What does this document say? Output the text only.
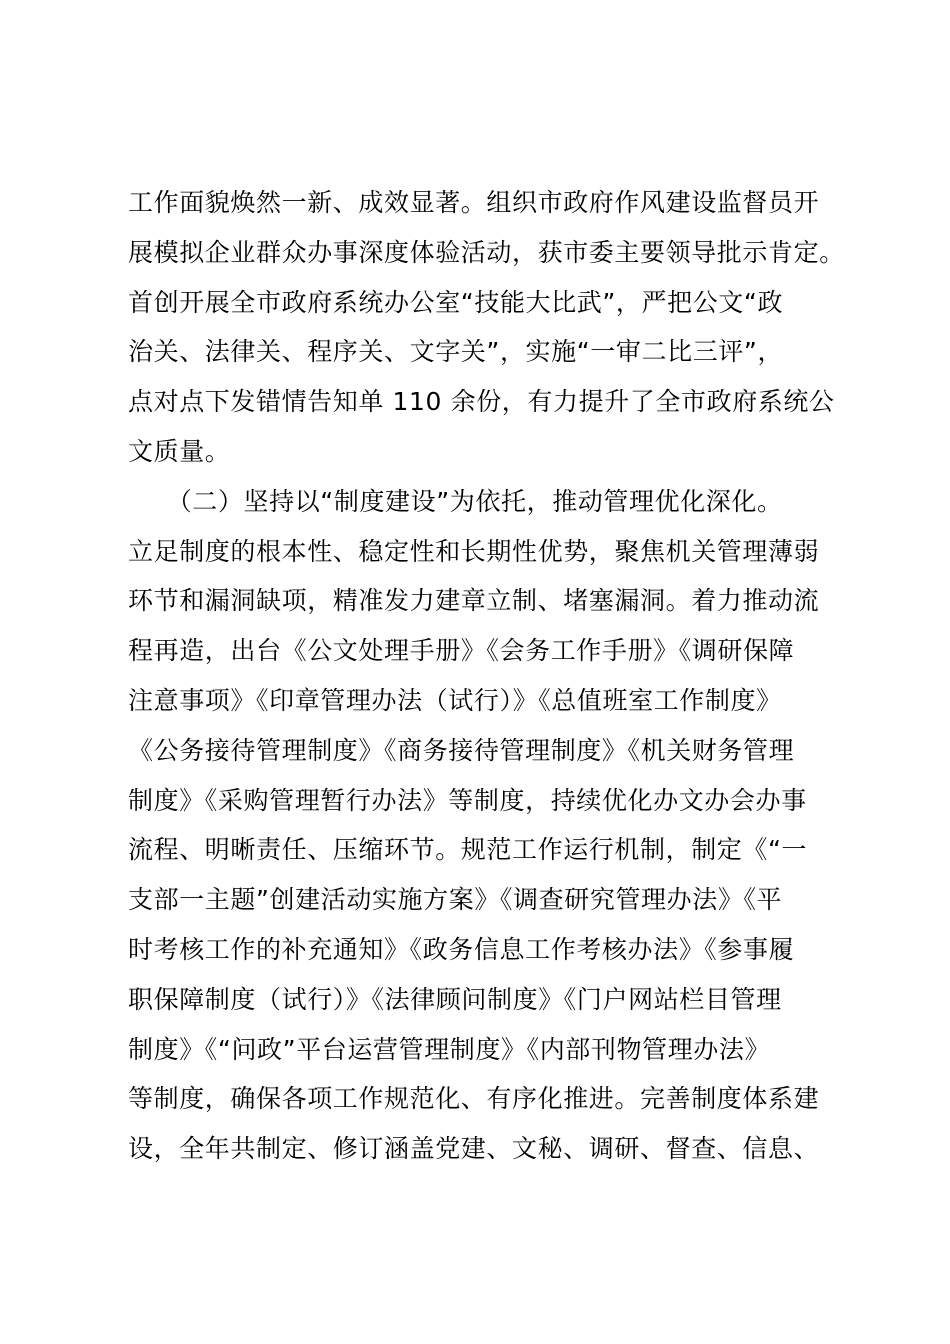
工作面貌焕然一新、成效显著。组织市政府作风建设监督员开
展模拟企业群众办事深度体验活动，获市委主要领导批示肯定。
首创开展全市政府系统办公室“技能大比武”，严把公文“政
治关、法律关、程序关、文字关”，实施“一审二比三评”，
点对点下发错情告知单 110 余份，有力提升了全市政府系统公
文质量。
　　（二）坚持以“制度建设”为依托，推动管理优化深化。
立足制度的根本性、稳定性和长期性优势，聚焦机关管理薄弱
环节和漏洞缺项，精准发力建章立制、堵塞漏洞。着力推动流
程再造，出台《公文处理手册》《会务工作手册》《调研保障
注意事项》《印章管理办法（试行）》《总值班室工作制度》
《公务接待管理制度》《商务接待管理制度》《机关财务管理
制度》《采购管理暂行办法》等制度，持续优化办文办会办事
流程、明晰责任、压缩环节。规范工作运行机制，制定《“一
支部一主题”创建活动实施方案》《调查研究管理办法》《平
时考核工作的补充通知》《政务信息工作考核办法》《参事履
职保障制度（试行）》《法律顾问制度》《门户网站栏目管理
制度》《“问政”平台运营管理制度》《内部刊物管理办法》
等制度，确保各项工作规范化、有序化推进。完善制度体系建
设，全年共制定、修订涵盖党建、文秘、调研、督查、信息、
